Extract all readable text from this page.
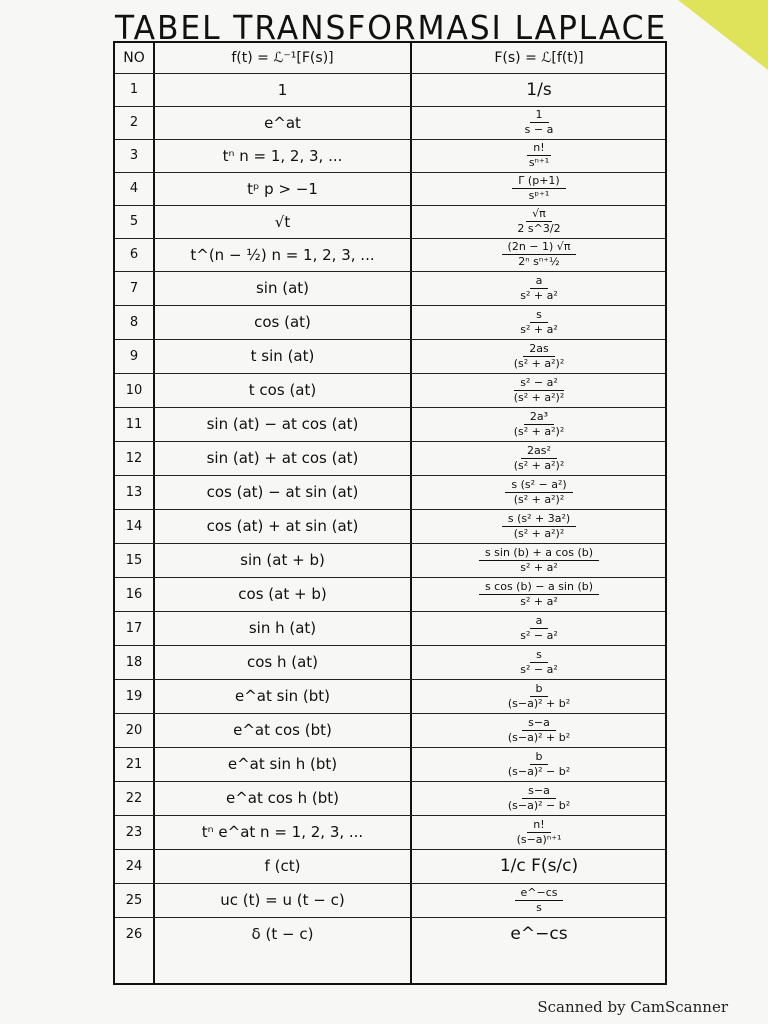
TABEL TRANSFORMASI LAPLACE
NO	f(t) = ℒ⁻¹[F(s)]	F(s) = ℒ[f(t)]
1	1	1/s
2	e^at	$\frac{1}{s - a}$
3	tⁿ n = 1, 2, 3, ...	$\frac{n!}{\text{sⁿ⁺¹}}$
4	tᵖ p > −1	$\frac{\Gamma (p+1)}{\text{sᵖ⁺¹}}$
5	√t	$\frac{√\pi}{2 s\^{}3/2}$
6	t^(n − ½) n = 1, 2, 3, ...	$\frac{(2n - 1) √\pi}{\text{2ⁿ sⁿ⁺½}}$
7	sin (at)	$\frac{a}{\text{s² + a²}}$
8	cos (at)	$\frac{s}{\text{s² + a²}}$
9	t sin (at)	$\frac{2as}{\text{(s² + a²)²}}$
10	t cos (at)	$\frac{\text{s² − a²}}{\text{(s² + a²)²}}$
11	sin (at) − at cos (at)	$\frac{\text{2a³}}{\text{(s² + a²)²}}$
12	sin (at) + at cos (at)	$\frac{\text{2as²}}{\text{(s² + a²)²}}$
13	cos (at) − at sin (at)	$\frac{\text{s (s² − a²)}}{\text{(s² + a²)²}}$
14	cos (at) + at sin (at)	$\frac{\text{s (s² + 3a²)}}{\text{(s² + a²)²}}$
15	sin (at + b)	$\frac{\text{s sin (b) + a cos (b)}}{\text{s² + a²}}$
16	cos (at + b)	$\frac{\text{s cos (b) − a sin (b)}}{\text{s² + a²}}$
17	sin h (at)	$\frac{a}{\text{s² − a²}}$
18	cos h (at)	$\frac{s}{\text{s² − a²}}$
19	e^at sin (bt)	$\frac{b}{\text{(s−a)² + b²}}$
20	e^at cos (bt)	$\frac{s-a}{\text{(s−a)² + b²}}$
21	e^at sin h (bt)	$\frac{b}{\text{(s−a)² − b²}}$
22	e^at cos h (bt)	$\frac{s-a}{\text{(s−a)² − b²}}$
23	tⁿ e^at n = 1, 2, 3, ...	$\frac{n!}{\text{(s−a)ⁿ⁺¹}}$
24	f (ct)	1/c F(s/c)
25	uc (t) = u (t − c)	$\frac{e\^{}-cs}{s}$
26	δ (t − c)	e^−cs
Scanned by CamScanner
